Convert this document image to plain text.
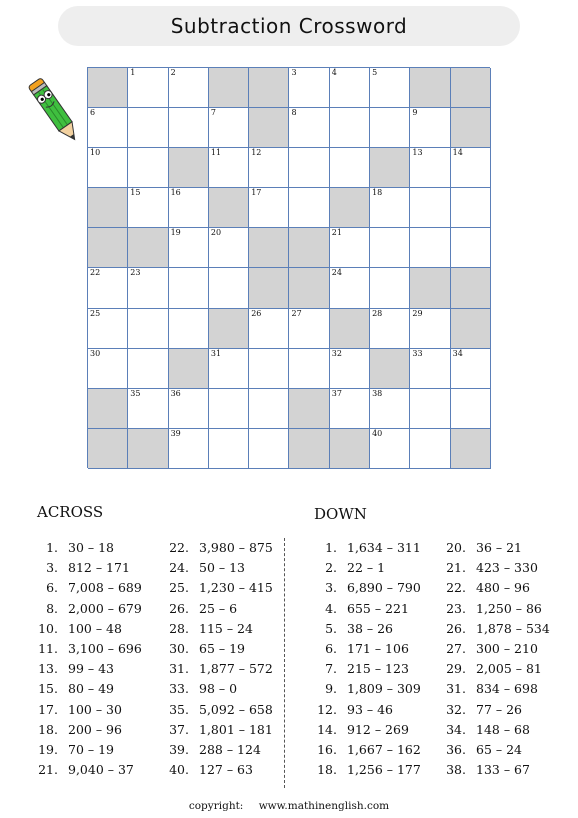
Subtraction Crossword
1	2	3	4	5
6	7	8	9
10	11	12	13	14
15	16	17	18
19	20	21
22	23	24
25	26	27	28	29
30	31	32	33	34
35	36	37	38
39	40
ACROSS	DOWN
1. 30 – 18
3. 812 – 171
6. 7,008 – 689
8. 2,000 – 679
10. 100 – 48
11. 3,100 – 696
13. 99 – 43
15. 80 – 49
17. 100 – 30
18. 200 – 96
19. 70 – 19
21. 9,040 – 37
22. 3,980 – 875
24. 50 – 13
25. 1,230 – 415
26. 25 – 6
28. 115 – 24
30. 65 – 19
31. 1,877 – 572
33. 98 – 0
35. 5,092 – 658
37. 1,801 – 181
39. 288 – 124
40. 127 – 63
1. 1,634 – 311
2. 22 – 1
3. 6,890 – 790
4. 655 – 221
5. 38 – 26
6. 171 – 106
7. 215 – 123
9. 1,809 – 309
12. 93 – 46
14. 912 – 269
16. 1,667 – 162
18. 1,256 – 177
20. 36 – 21
21. 423 – 330
22. 480 – 96
23. 1,250 – 86
26. 1,878 – 534
27. 300 – 210
29. 2,005 – 81
31. 834 – 698
32. 77 – 26
34. 148 – 68
36. 65 – 24
38. 133 – 67
copyright: www.mathinenglish.com
